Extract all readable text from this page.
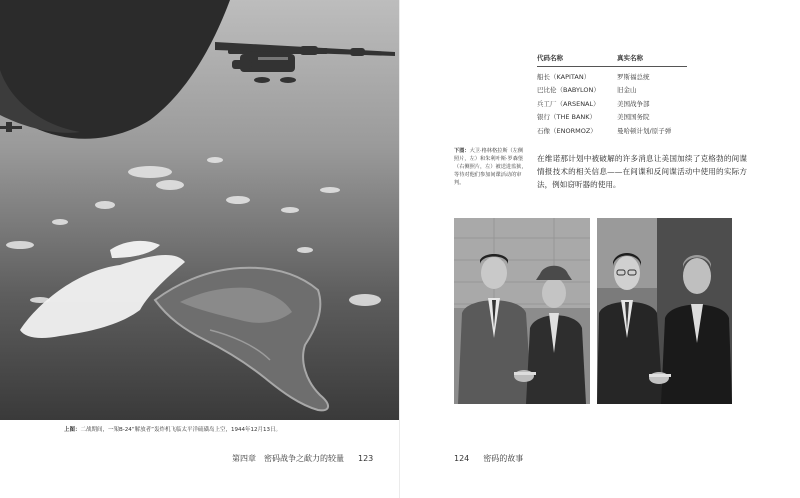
上图：二战期间，一架B-24“解放者”轰炸机飞临太平洋硫磺岛上空，1944年12月13日。
第四章　密码战争之歃力的较量 123
代码名称	真实名称
船长（KAPITAN）	罗斯福总统
巴比伦（BABYLON）	旧金山
兵工厂（ARSENAL）	美国战争部
银行（THE BANK）	美国国务院
石像（ENORMOZ）	曼哈顿计划/原子弹
下图：大卫·格林格拉斯（左侧照片，左）和朱利叶斯·罗森堡（右侧照片，左）被送进监狱，等待对他们参加间谍活动的审判。
在维诺那计划中被破解的许多消息让美国加续了克格勃的间谍情报技术的相关信息——在间谍和反间谍活动中使用的实际方法，例如窃听器的使用。
124 密码的故事
